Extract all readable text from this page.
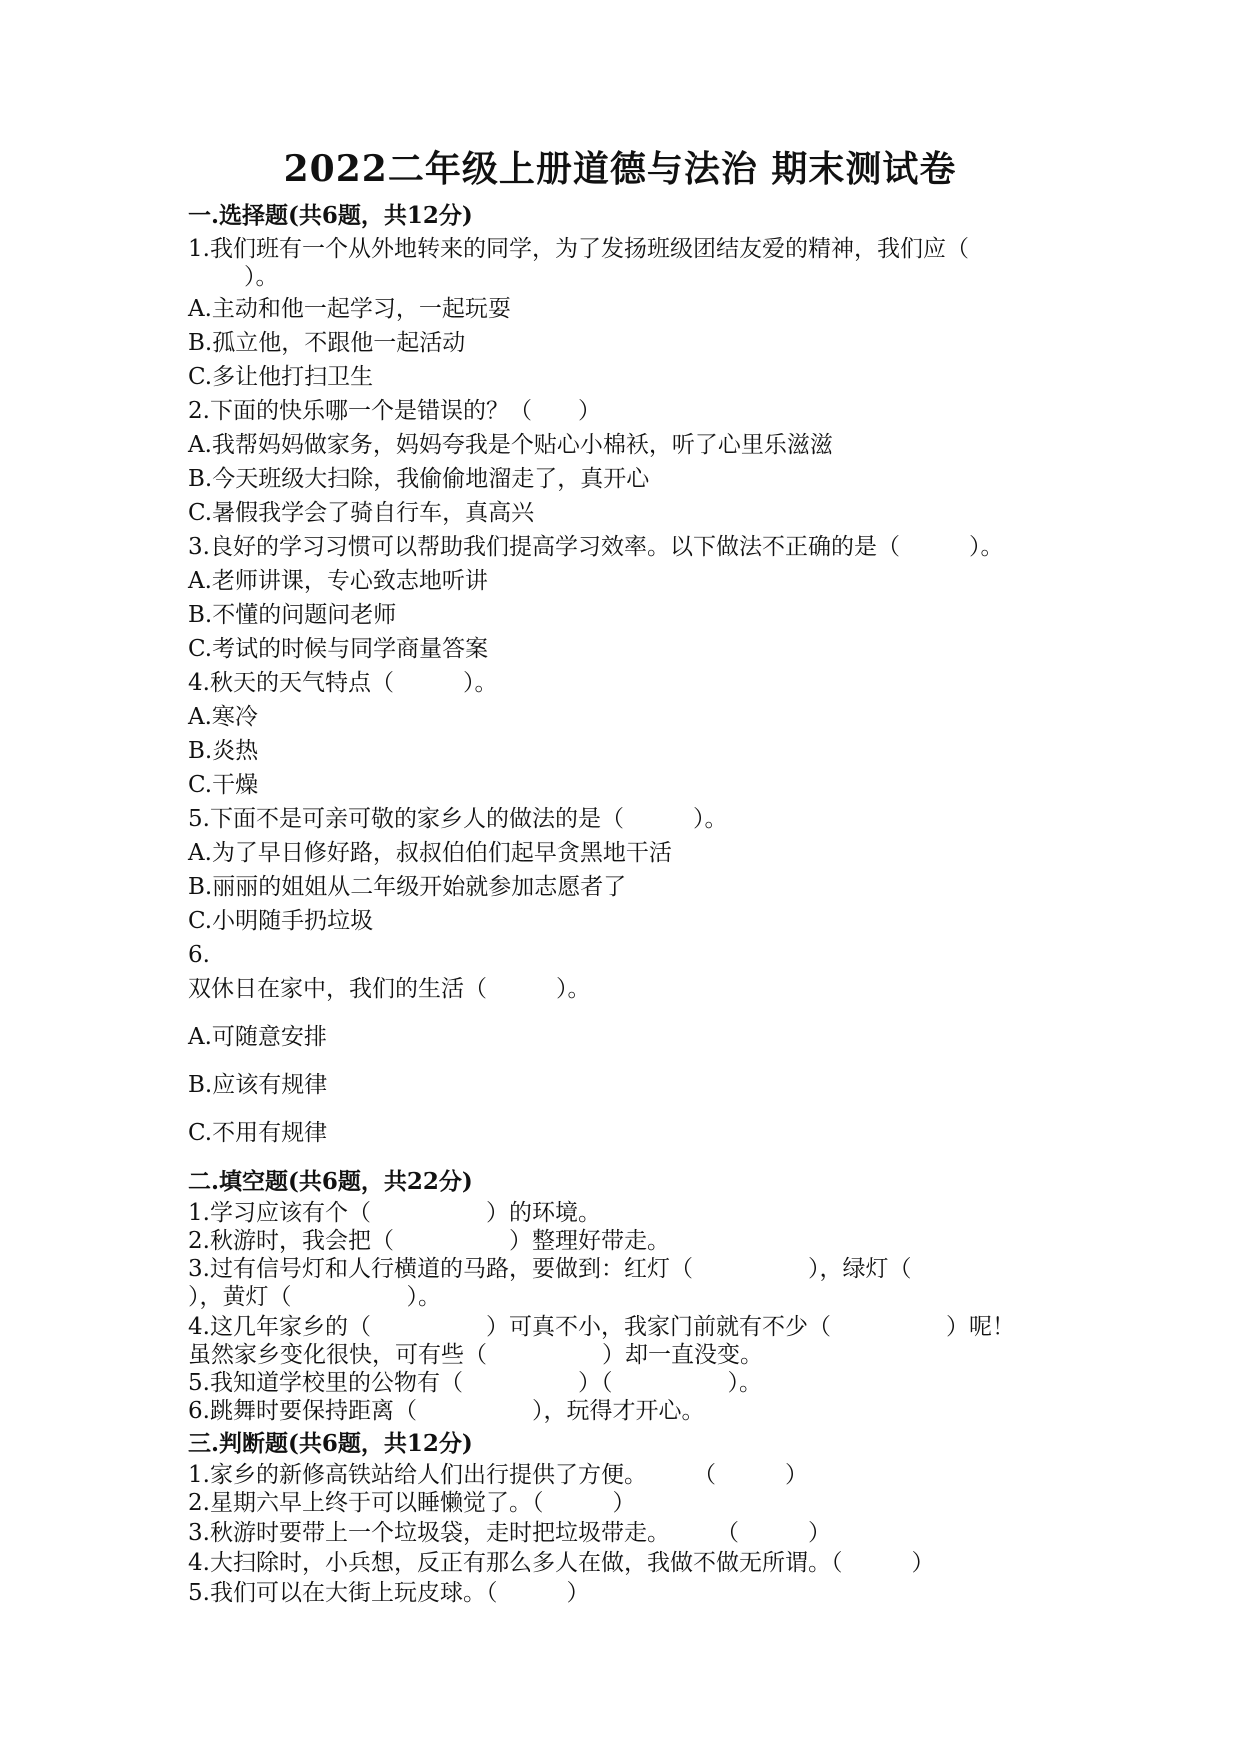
2022二年级上册道德与法治 期末测试卷
一.选择题(共6题，共12分)
1.我们班有一个从外地转来的同学，为了发扬班级团结友爱的精神，我们应（
）。
A.主动和他一起学习，一起玩耍
B.孤立他，不跟他一起活动
C.多让他打扫卫生
2.下面的快乐哪一个是错误的？（　　）
A.我帮妈妈做家务，妈妈夸我是个贴心小棉袄，听了心里乐滋滋
B.今天班级大扫除，我偷偷地溜走了，真开心
C.暑假我学会了骑自行车，真高兴
3.良好的学习习惯可以帮助我们提高学习效率。以下做法不正确的是（　　　）。
A.老师讲课，专心致志地听讲
B.不懂的问题问老师
C.考试的时候与同学商量答案
4.秋天的天气特点（　　　）。
A.寒冷
B.炎热
C.干燥
5.下面不是可亲可敬的家乡人的做法的是（　　　）。
A.为了早日修好路，叔叔伯伯们起早贪黑地干活
B.丽丽的姐姐从二年级开始就参加志愿者了
C.小明随手扔垃圾
6.
双休日在家中，我们的生活（　　　）。
A.可随意安排
B.应该有规律
C.不用有规律
二.填空题(共6题，共22分)
1.学习应该有个（　　　　　）的环境。
2.秋游时，我会把（　　　　　）整理好带走。
3.过有信号灯和人行横道的马路，要做到：红灯（　　　　　），绿灯（
），黄灯（　　　　　）。
4.这几年家乡的（　　　　　）可真不小，我家门前就有不少（　　　　　）呢！
虽然家乡变化很快，可有些（　　　　　）却一直没变。
5.我知道学校里的公物有（　　　　　）（　　　　　）。
6.跳舞时要保持距离（　　　　　），玩得才开心。
三.判断题(共6题，共12分)
1.家乡的新修高铁站给人们出行提供了方便。　　　（　　　）
2.星期六早上终于可以睡懒觉了。（　　　）
3.秋游时要带上一个垃圾袋，走时把垃圾带走。　　　（　　　）
4.大扫除时，小兵想，反正有那么多人在做，我做不做无所谓。（　　　）
5.我们可以在大街上玩皮球。（　　　）
